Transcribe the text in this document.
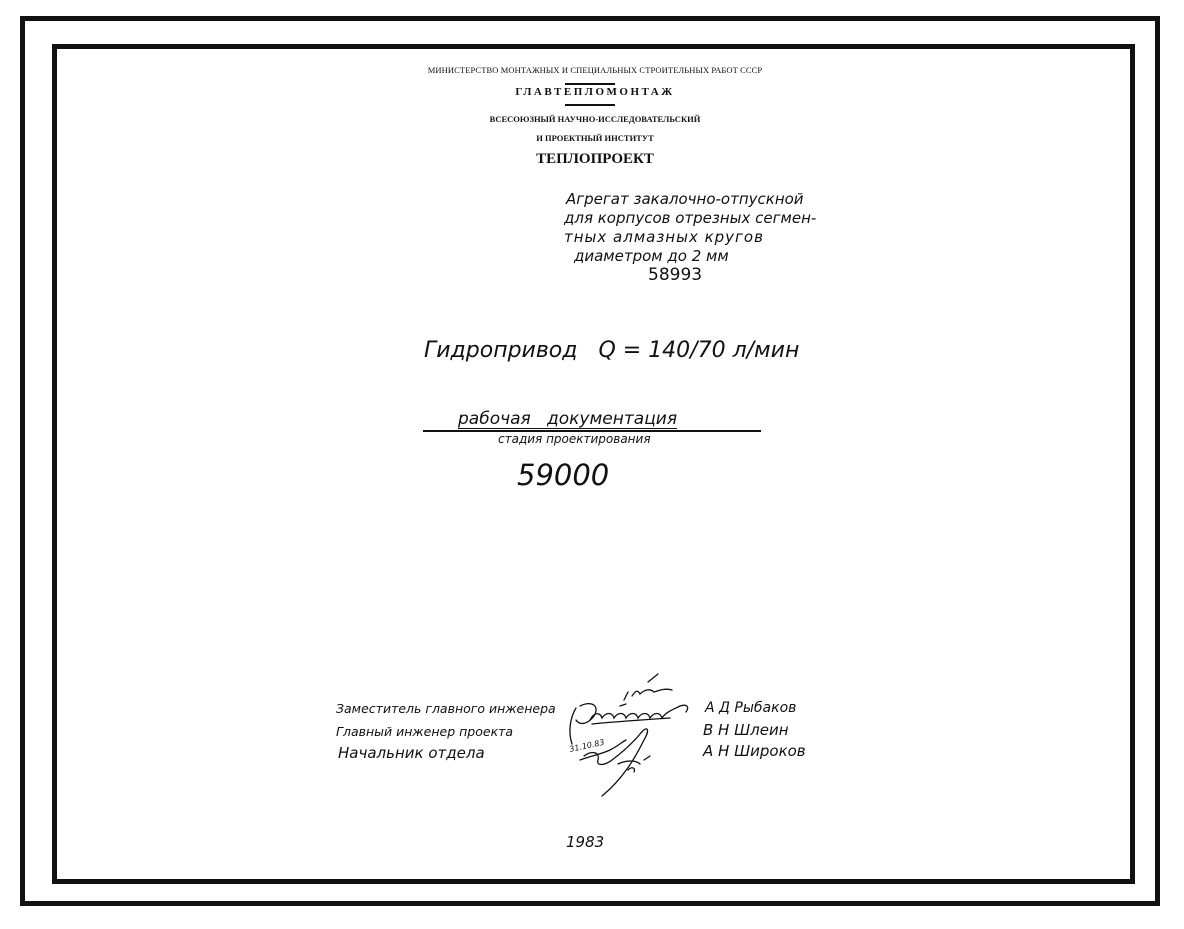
МИНИСТЕРСТВО МОНТАЖНЫХ И СПЕЦИАЛЬНЫХ СТРОИТЕЛЬНЫХ РАБОТ СССР
ГЛАВТЕПЛОМОНТАЖ
ВСЕСОЮЗНЫЙ НАУЧНО-ИССЛЕДОВАТЕЛЬСКИЙ
И ПРОЕКТНЫЙ ИНСТИТУТ
ТЕПЛОПРОЕКТ
Агрегат закалочно-отпускной
для корпусов отрезных сегмен-
тных алмазных кругов
диаметром до 2 мм
58993
Гидропривод   Q = 140/70 л/мин
рабочая   документация
стадия проектирования
59000
Заместитель главного инженера
Главный инженер проекта
Начальник отдела
А Д Рыбаков
В Н Шлеин
А Н Широков
31.10.83
1983
